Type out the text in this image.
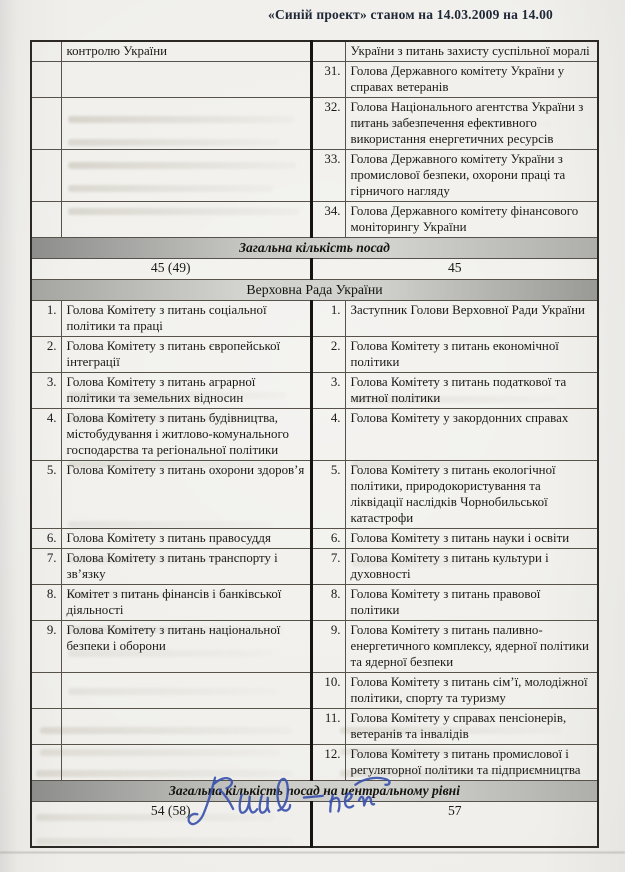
«Синій проект» станом на 14.03.2009 на 14.00
	контролю України		України з питань захисту суспільної моралі
		31.	Голова Державного комітету України у справах ветеранів
		32.	Голова Національного агентства України з питань забезпечення ефективного використання енергетичних ресурсів
		33.	Голова Державного комітету України з промислової безпеки, охорони праці та гірничого нагляду
		34.	Голова Державного комітету фінансового моніторингу України
Загальна кількість посад			
45 (49)		45	
Верховна Рада України			
1.	Голова Комітету з питань соціальної політики та праці	1.	Заступник Голови Верховної Ради України
2.	Голова Комітету з питань європейської інтеграції	2.	Голова Комітету з питань економічної політики
3.	Голова Комітету з питань аграрної політики та земельних відносин	3.	Голова Комітету з питань податкової та митної політики
4.	Голова Комітету з питань будівництва, містобудування і житлово-комунального господарства та регіональної політики	4.	Голова Комітету у закордонних справах
5.	Голова Комітету з питань охорони здоров’я	5.	Голова Комітету з питань екологічної політики, природокористування та ліквідації наслідків Чорнобильської катастрофи
6.	Голова Комітету з питань правосуддя	6.	Голова Комітету з питань науки і освіти
7.	Голова Комітету з питань транспорту і зв’язку	7.	Голова Комітету з питань культури і духовності
8.	Комітет з питань фінансів і банківської діяльності	8.	Голова Комітету з питань правової політики
9.	Голова Комітету з питань національної безпеки і оборони	9.	Голова Комітету з питань паливно-енергетичного комплексу, ядерної політики та ядерної безпеки
		10.	Голова Комітету з питань сім’ї, молодіжної політики, спорту та туризму
		11.	Голова Комітету у справах пенсіонерів, ветеранів та інвалідів
		12.	Голова Комітету з питань промислової і регуляторної політики та підприємництва
Загальна кількість посад на центральному рівні			
54 (58)		57	
